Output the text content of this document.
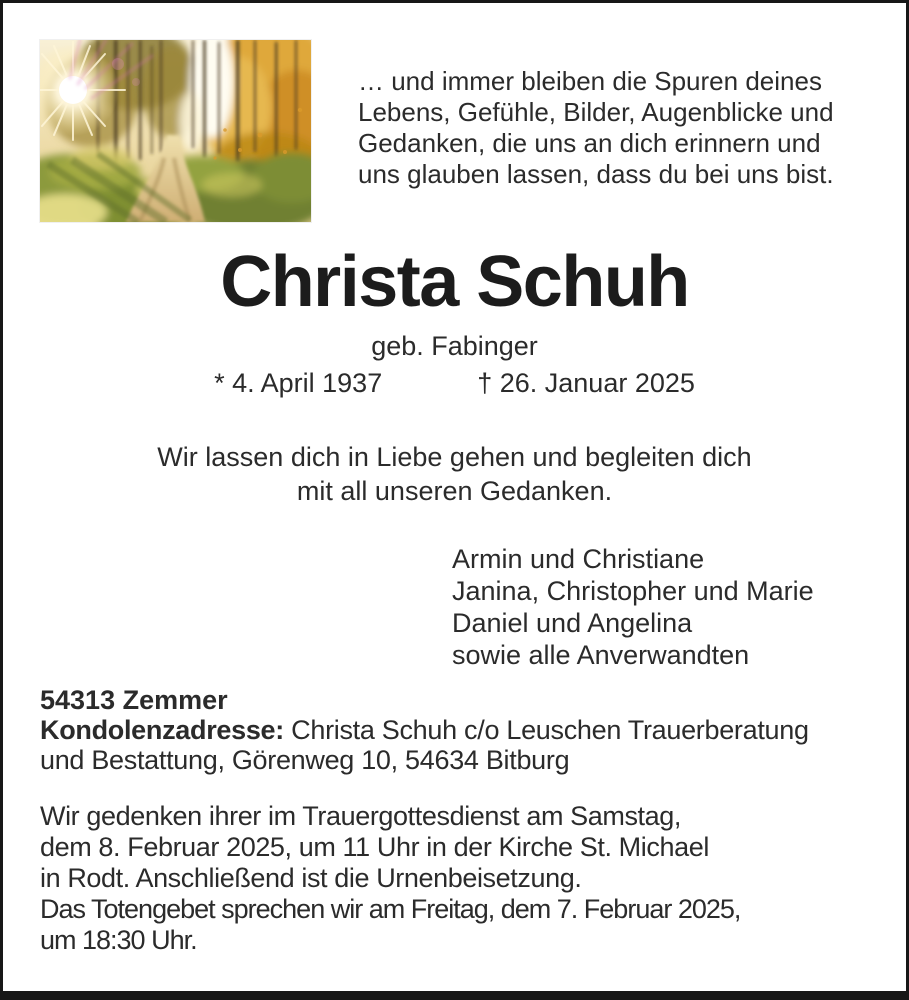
… und immer bleiben die Spuren deines
Lebens, Gefühle, Bilder, Augenblicke und
Gedanken, die uns an dich erinnern und
uns glauben lassen, dass du bei uns bist.
Christa Schuh
geb. Fabinger
* 4. April 1937	† 26. Januar 2025
Wir lassen dich in Liebe gehen und begleiten dich
mit all unseren Gedanken.
Armin und Christiane
Janina, Christopher und Marie
Daniel und Angelina
sowie alle Anverwandten
54313 Zemmer
Kondolenzadresse: Christa Schuh c/o Leuschen Trauerberatung
und Bestattung, Görenweg 10, 54634 Bitburg
Wir gedenken ihrer im Trauergottesdienst am Samstag,
dem 8. Februar 2025, um 11 Uhr in der Kirche St. Michael
in Rodt. Anschließend ist die Urnenbeisetzung.
Das Totengebet sprechen wir am Freitag, dem 7. Februar 2025,
um 18:30 Uhr.
